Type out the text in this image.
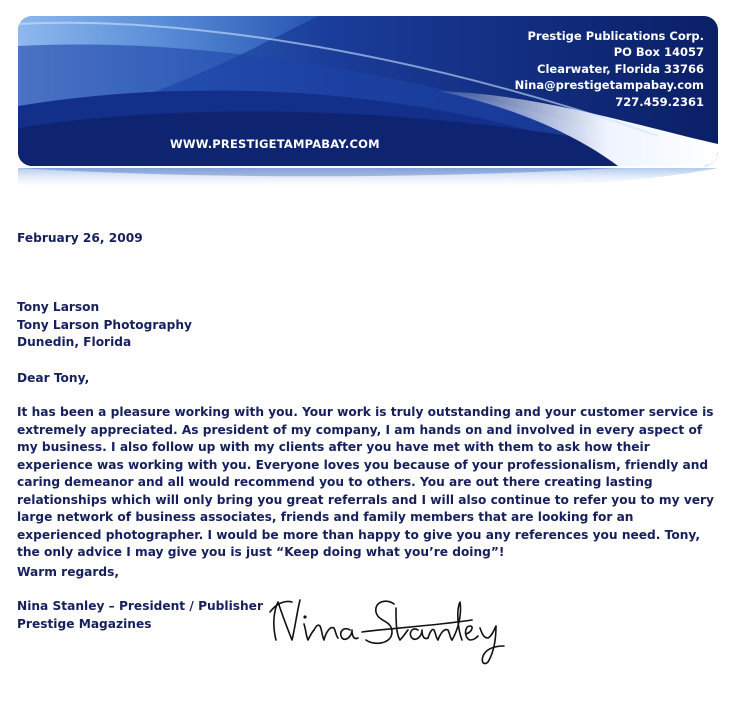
Prestige Publications Corp.
PO Box 14057
Clearwater, Florida 33766
Nina@prestigetampabay.com
727.459.2361
WWW.PRESTIGETAMPABAY.COM
February 26, 2009
Tony Larson
Tony Larson Photography
Dunedin, Florida
Dear Tony,
It has been a pleasure working with you. Your work is truly outstanding and your customer service is extremely appreciated. As president of my company, I am hands on and involved in every aspect of my business. I also follow up with my clients after you have met with them to ask how their experience was working with you. Everyone loves you because of your professionalism, friendly and caring demeanor and all would recommend you to others. You are out there creating lasting relationships which will only bring you great referrals and I will also continue to refer you to my very large network of business associates, friends and family members that are looking for an experienced photographer. I would be more than happy to give you any references you need. Tony, the only advice I may give you is just “Keep doing what you’re doing”!
Warm regards,
Nina Stanley – President / Publisher
Prestige Magazines
